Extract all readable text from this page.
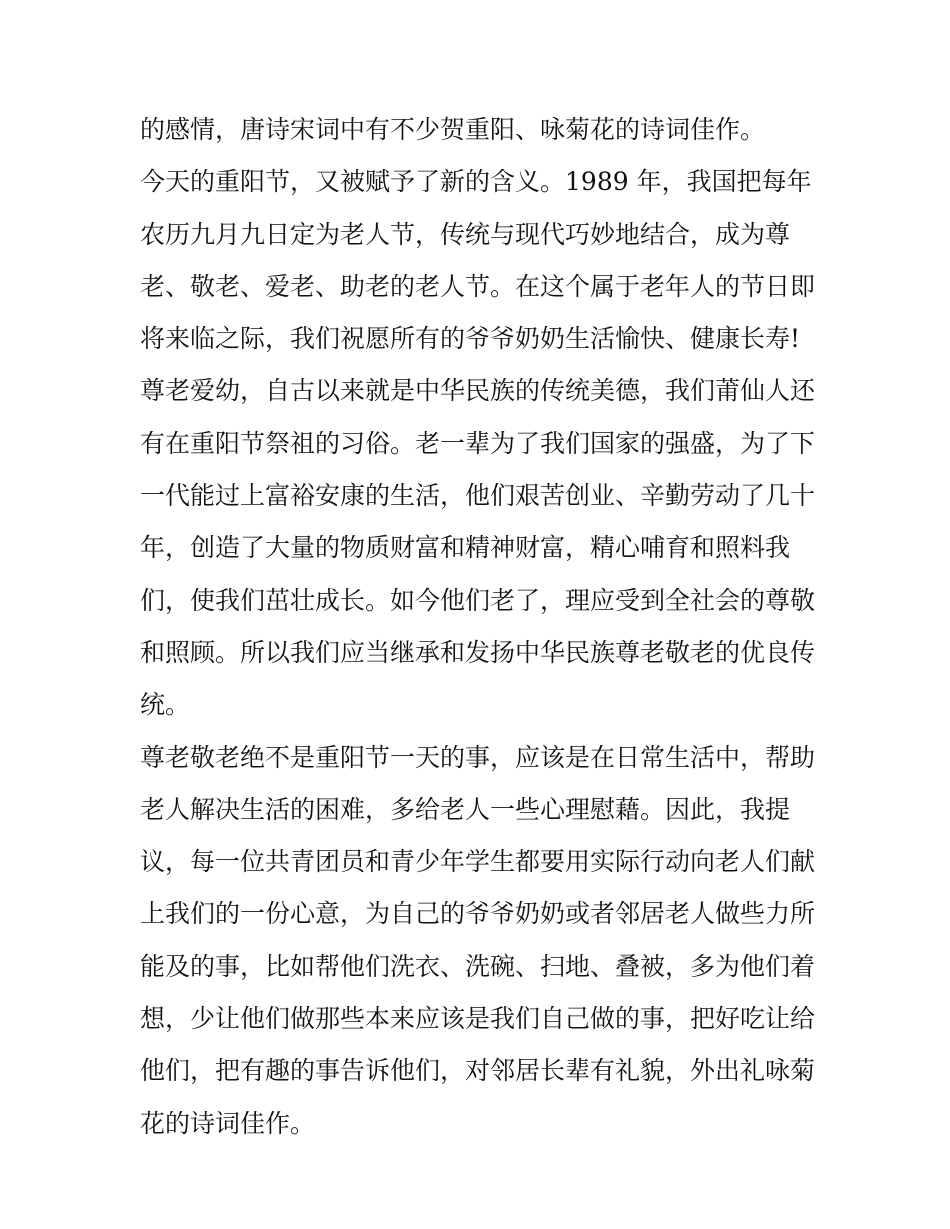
的感情，唐诗宋词中有不少贺重阳、咏菊花的诗词佳作。
今天的重阳节，又被赋予了新的含义。1989 年，我国把每年
农历九月九日定为老人节，传统与现代巧妙地结合，成为尊
老、敬老、爱老、助老的老人节。在这个属于老年人的节日即
将来临之际，我们祝愿所有的爷爷奶奶生活愉快、健康长寿!
尊老爱幼，自古以来就是中华民族的传统美德，我们莆仙人还
有在重阳节祭祖的习俗。老一辈为了我们国家的强盛，为了下
一代能过上富裕安康的生活，他们艰苦创业、辛勤劳动了几十
年，创造了大量的物质财富和精神财富，精心哺育和照料我
们，使我们茁壮成长。如今他们老了，理应受到全社会的尊敬
和照顾。所以我们应当继承和发扬中华民族尊老敬老的优良传
统。
尊老敬老绝不是重阳节一天的事，应该是在日常生活中，帮助
老人解决生活的困难，多给老人一些心理慰藉。因此，我提
议，每一位共青团员和青少年学生都要用实际行动向老人们献
上我们的一份心意，为自己的爷爷奶奶或者邻居老人做些力所
能及的事，比如帮他们洗衣、洗碗、扫地、叠被，多为他们着
想，少让他们做那些本来应该是我们自己做的事，把好吃让给
他们，把有趣的事告诉他们，对邻居长辈有礼貌，外出礼咏菊
花的诗词佳作。
